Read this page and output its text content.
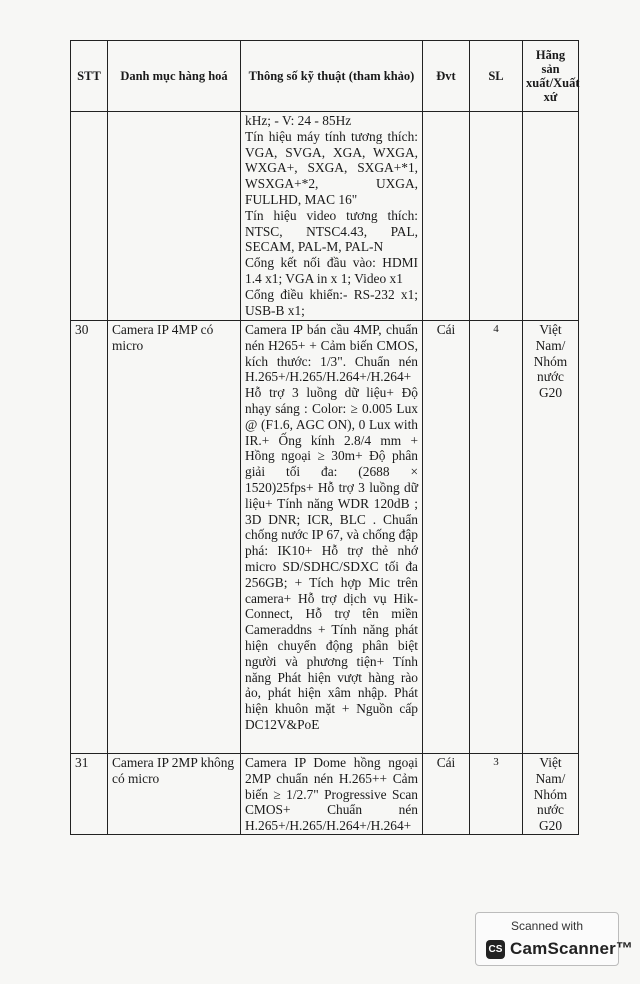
STT	Danh mục hàng hoá	Thông số kỹ thuật (tham khảo)	Đvt	SL	Hãng sản xuất/Xuất xứ

		kHz; - V: 24 - 85Hz
Tín hiệu máy tính tương thích: VGA, SVGA, XGA, WXGA, WXGA+, SXGA, SXGA+*1, WSXGA+*2, UXGA, FULLHD, MAC 16"
Tín hiệu video tương thích: NTSC, NTSC4.43, PAL, SECAM, PAL-M, PAL-N
Cổng kết nối đầu vào: HDMI 1.4 x1; VGA in x 1; Video x1
Cổng điều khiển:- RS-232 x1; USB-B x1;			

30	Camera IP 4MP có micro	Camera IP bán cầu 4MP, chuẩn nén H265+ + Cảm biến CMOS, kích thước: 1/3". Chuẩn nén H.265+/H.265/H.264+/H.264+ Hỗ trợ 3 luồng dữ liệu+ Độ nhạy sáng : Color: ≥ 0.005 Lux @ (F1.6, AGC ON), 0 Lux with IR.+ Ống kính 2.8/4 mm + Hồng ngoại ≥ 30m+ Độ phân giải tối đa: (2688 × 1520)25fps+ Hỗ trợ 3 luồng dữ liệu+ Tính năng WDR 120dB ; 3D DNR; ICR, BLC . Chuẩn chống nước IP 67, và chống đập phá: IK10+ Hỗ trợ thẻ nhớ micro SD/SDHC/SDXC tối đa 256GB; + Tích hợp Mic trên camera+ Hỗ trợ dịch vụ Hik-Connect, Hỗ trợ tên miền Cameraddns + Tính năng phát hiện chuyển động phân biệt người và phương tiện+ Tính năng Phát hiện vượt hàng rào ảo, phát hiện xâm nhập. Phát hiện khuôn mặt + Nguồn cấp DC12V&PoE	Cái	4	Việt Nam/ Nhóm nước G20
31	Camera IP 2MP không có micro	Camera IP Dome hồng ngoại 2MP chuẩn nén H.265++ Cảm biến ≥ 1/2.7" Progressive Scan CMOS+ Chuẩn nén H.265+/H.265/H.264+/H.264+	Cái	3	Việt Nam/ Nhóm nước G20
Scanned with
CS CamScanner™
